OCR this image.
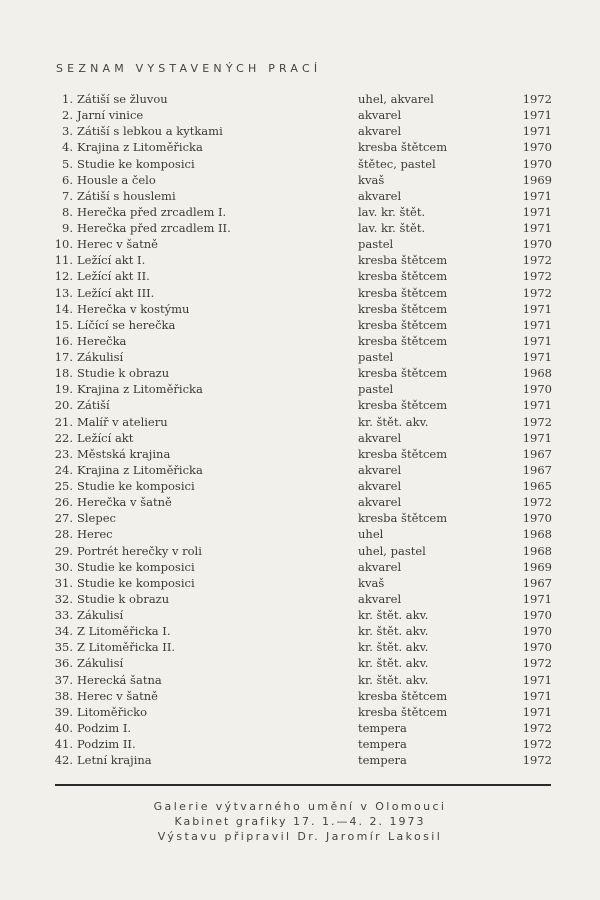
SEZNAM VYSTAVENÝCH PRACÍ
1. Zátiší se žluvou	uhel, akvarel	1972
2. Jarní vinice	akvarel	1971
3. Zátiší s lebkou a kytkami	akvarel	1971
4. Krajina z Litoměřicka	kresba štětcem	1970
5. Studie ke komposici	štětec, pastel	1970
6. Housle a čelo	kvaš	1969
7. Zátiší s houslemi	akvarel	1971
8. Herečka před zrcadlem I.	lav. kr. štět.	1971
9. Herečka před zrcadlem II.	lav. kr. štět.	1971
10. Herec v šatně	pastel	1970
11. Ležící akt I.	kresba štětcem	1972
12. Ležící akt II.	kresba štětcem	1972
13. Ležící akt III.	kresba štětcem	1972
14. Herečka v kostýmu	kresba štětcem	1971
15. Líčící se herečka	kresba štětcem	1971
16. Herečka	kresba štětcem	1971
17. Zákulisí	pastel	1971
18. Studie k obrazu	kresba štětcem	1968
19. Krajina z Litoměřicka	pastel	1970
20. Zátiší	kresba štětcem	1971
21. Malíř v atelieru	kr. štět. akv.	1972
22. Ležící akt	akvarel	1971
23. Městská krajina	kresba štětcem	1967
24. Krajina z Litoměřicka	akvarel	1967
25. Studie ke komposici	akvarel	1965
26. Herečka v šatně	akvarel	1972
27. Slepec	kresba štětcem	1970
28. Herec	uhel	1968
29. Portrét herečky v roli	uhel, pastel	1968
30. Studie ke komposici	akvarel	1969
31. Studie ke komposici	kvaš	1967
32. Studie k obrazu	akvarel	1971
33. Zákulisí	kr. štět. akv.	1970
34. Z Litoměřicka I.	kr. štět. akv.	1970
35. Z Litoměřicka II.	kr. štět. akv.	1970
36. Zákulisí	kr. štět. akv.	1972
37. Herecká šatna	kr. štět. akv.	1971
38. Herec v šatně	kresba štětcem	1971
39. Litoměřicko	kresba štětcem	1971
40. Podzim I.	tempera	1972
41. Podzim II.	tempera	1972
42. Letní krajina	tempera	1972
Galerie výtvarného umění v Olomouci
Kabinet grafiky 17. 1.—4. 2. 1973
Výstavu připravil Dr. Jaromír Lakosil
